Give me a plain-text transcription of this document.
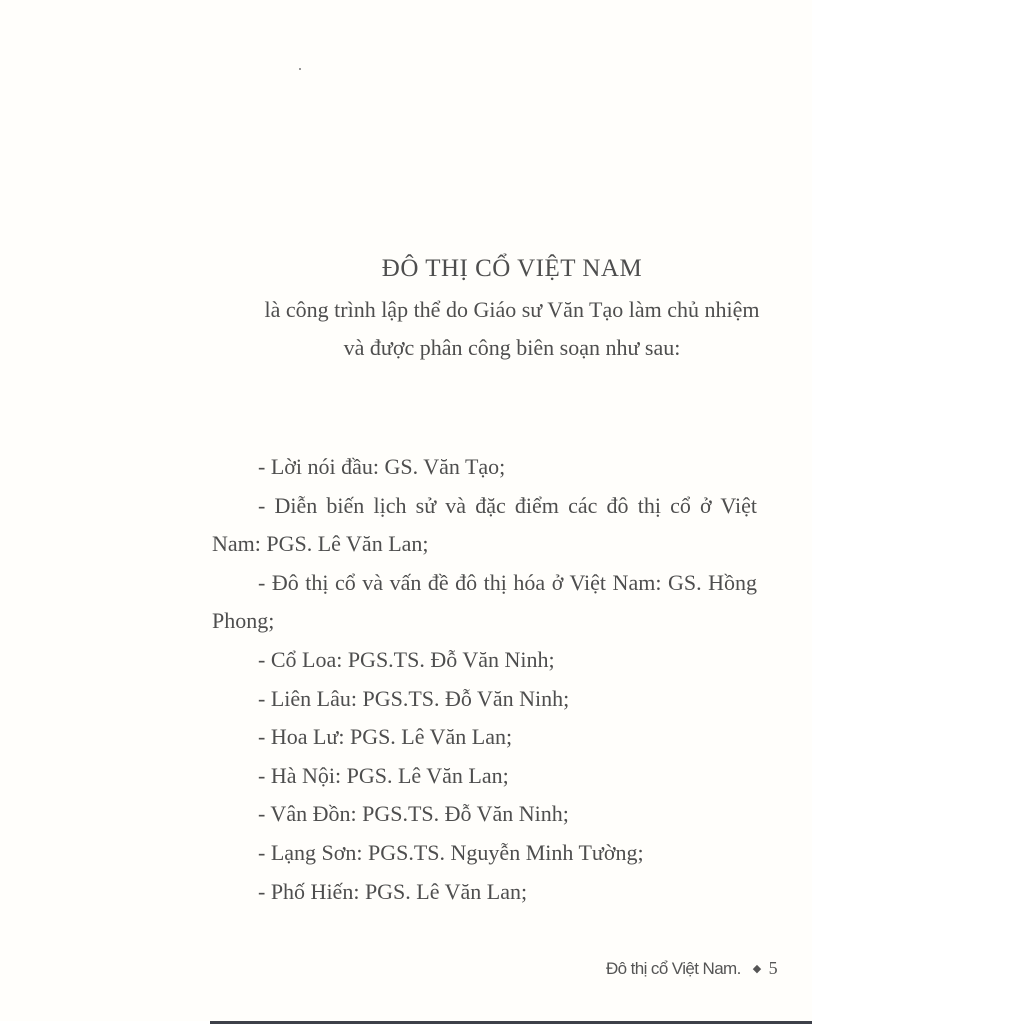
ĐÔ THỊ CỔ VIỆT NAM
là công trình lập thể do Giáo sư Văn Tạo làm chủ nhiệm
và được phân công biên soạn như sau:
- Lời nói đầu: GS. Văn Tạo;
- Diễn biến lịch sử và đặc điểm các đô thị cổ ở Việt Nam: PGS. Lê Văn Lan;
- Đô thị cổ và vấn đề đô thị hóa ở Việt Nam: GS. Hồng Phong;
- Cổ Loa: PGS.TS. Đỗ Văn Ninh;
- Liên Lâu: PGS.TS. Đỗ Văn Ninh;
- Hoa Lư: PGS. Lê Văn Lan;
- Hà Nội: PGS. Lê Văn Lan;
- Vân Đồn: PGS.TS. Đỗ Văn Ninh;
- Lạng Sơn: PGS.TS. Nguyễn Minh Tường;
- Phố Hiến: PGS. Lê Văn Lan;
Đô thị cổ Việt Nam. ◆ 5
